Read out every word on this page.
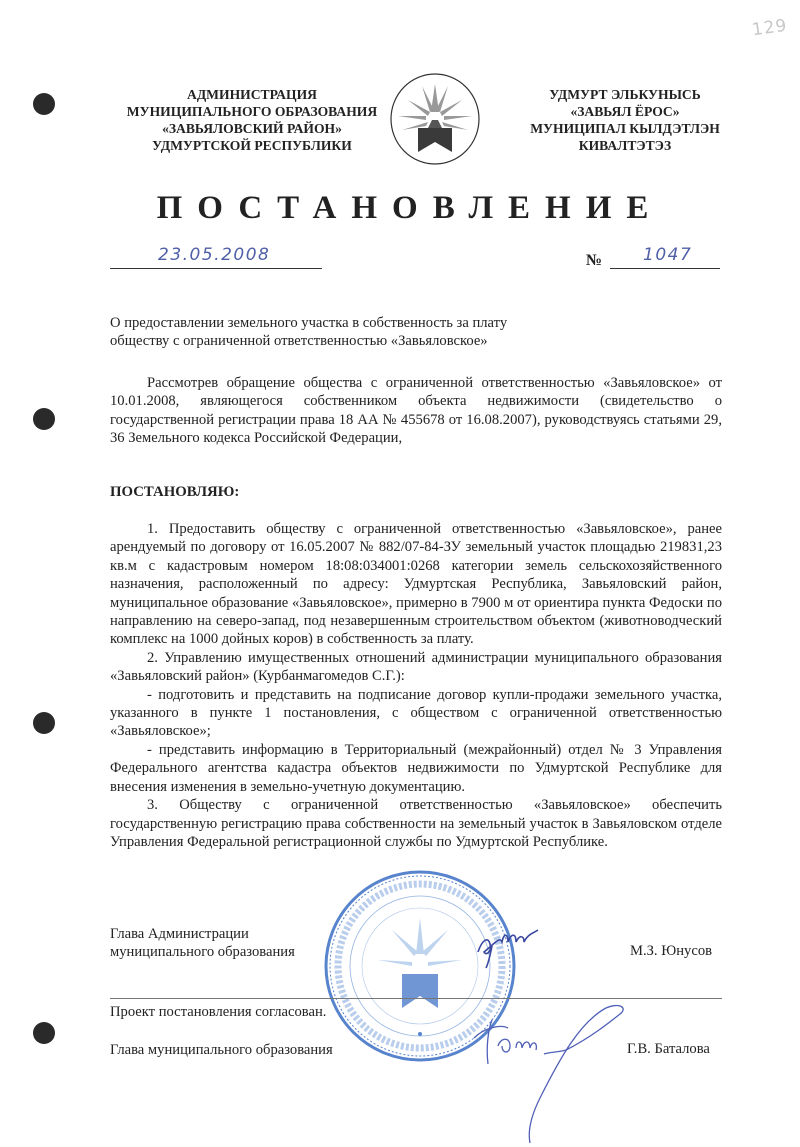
129
АДМИНИСТРАЦИЯ
МУНИЦИПАЛЬНОГО ОБРАЗОВАНИЯ
«ЗАВЬЯЛОВСКИЙ РАЙОН»
УДМУРТСКОЙ РЕСПУБЛИКИ
УДМУРТ ЭЛЬКУНЫСЬ
«ЗАВЬЯЛ ЁРОС»
МУНИЦИПАЛ КЫЛДЭТЛЭН
КИВАЛТЭТЭЗ
ПОСТАНОВЛЕНИЕ
23.05.2008	№ 1047
О предоставлении земельного участка в собственность за плату
обществу с ограниченной ответственностью «Завьяловское»

Рассмотрев обращение общества с ограниченной ответственностью «Завьяловское» от 10.01.2008, являющегося собственником объекта недвижимости (свидетельство о государственной регистрации права 18 АА № 455678 от 16.08.2007), руководствуясь статьями 29, 36 Земельного кодекса Российской Федерации,

ПОСТАНОВЛЯЮ:

1. Предоставить обществу с ограниченной ответственностью «Завьяловское», ранее арендуемый по договору от 16.05.2007 № 882/07-84-ЗУ земельный участок площадью 219831,23 кв.м с кадастровым номером 18:08:034001:0268 категории земель сельскохозяйственного назначения, расположенный по адресу: Удмуртская Республика, Завьяловский район, муниципальное образование «Завьяловское», примерно в 7900 м от ориентира пункта Федоски по направлению на северо-запад, под незавершенным строительством объектом (животноводческий комплекс на 1000 дойных коров) в собственность за плату.

2. Управлению имущественных отношений администрации муниципального образования «Завьяловский район» (Курбанмагомедов С.Г.):

- подготовить и представить на подписание договор купли-продажи земельного участка, указанного в пункте 1 постановления, с обществом с ограниченной ответственностью «Завьяловское»;

- представить информацию в Территориальный (межрайонный) отдел № 3 Управления Федерального агентства кадастра объектов недвижимости по Удмуртской Республике для внесения изменения в земельно-учетную документацию.

3. Обществу с ограниченной ответственностью «Завьяловское» обеспечить государственную регистрацию права собственности на земельный участок в Завьяловском отделе Управления Федеральной регистрационной службы по Удмуртской Республике.

Глава Администрации
муниципального образования	М.З. Юнусов
Проект постановления согласован.
Глава муниципального образования	Г.В. Баталова
